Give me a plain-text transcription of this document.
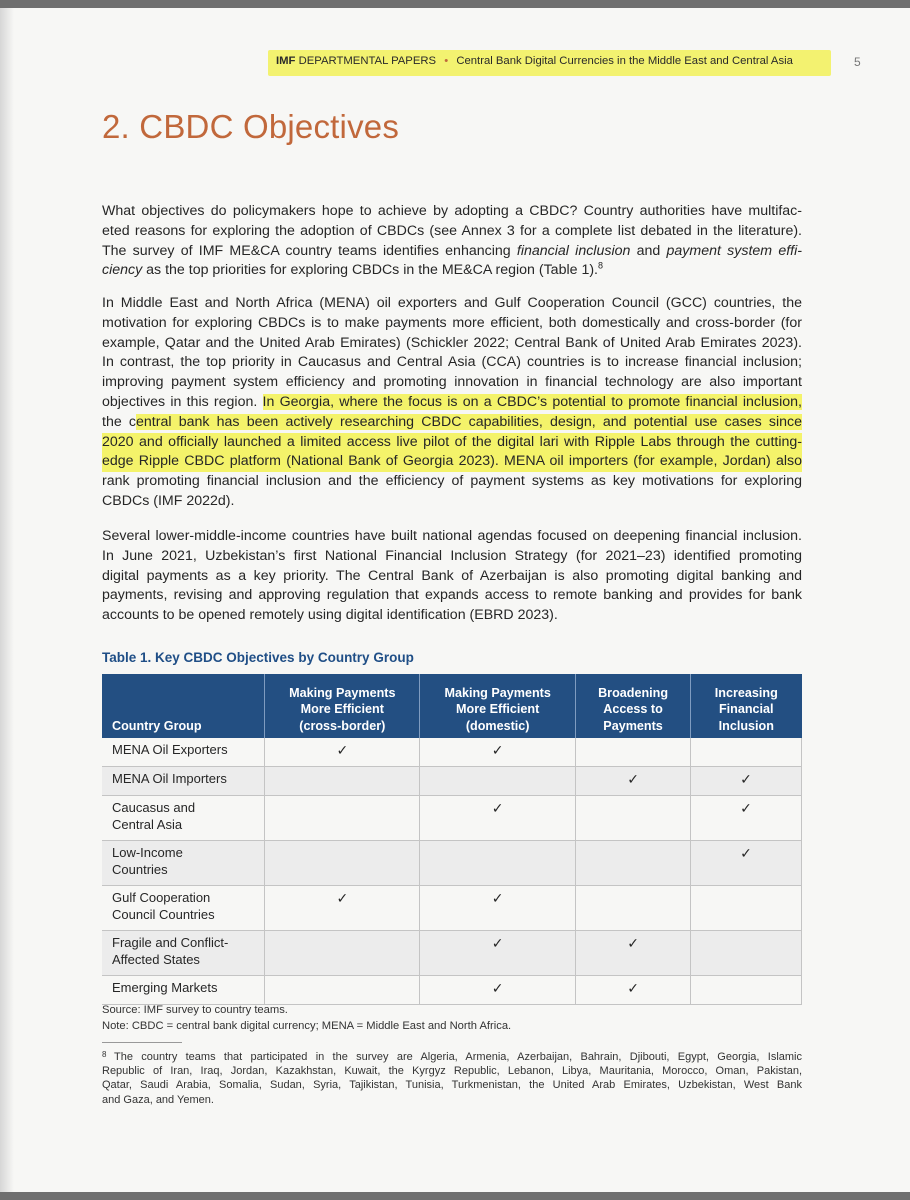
IMF DEPARTMENTAL PAPERS • Central Bank Digital Currencies in the Middle East and Central Asia	5
2. CBDC Objectives
What objectives do policymakers hope to achieve by adopting a CBDC? Country authorities have multifac-
eted reasons for exploring the adoption of CBDCs (see Annex 3 for a complete list debated in the literature).
The survey of IMF ME&CA country teams identifies enhancing financial inclusion and payment system effi-
ciency as the top priorities for exploring CBDCs in the ME&CA region (Table 1).$^8$
In Middle East and North Africa (MENA) oil exporters and Gulf Cooperation Council (GCC) countries, the
motivation for exploring CBDCs is to make payments more efficient, both domestically and cross-border (for
example, Qatar and the United Arab Emirates) (Schickler 2022; Central Bank of United Arab Emirates 2023).
In contrast, the top priority in Caucasus and Central Asia (CCA) countries is to increase financial inclusion;
improving payment system efficiency and promoting innovation in financial technology are also important
objectives in this region. In Georgia, where the focus is on a CBDC’s potential to promote financial inclusion,
the central bank has been actively researching CBDC capabilities, design, and potential use cases since
2020 and officially launched a limited access live pilot of the digital lari with Ripple Labs through the cutting-
edge Ripple CBDC platform (National Bank of Georgia 2023). MENA oil importers (for example, Jordan) also
rank promoting financial inclusion and the efficiency of payment systems as key motivations for exploring
CBDCs (IMF 2022d).
Several lower-middle-income countries have built national agendas focused on deepening financial inclusion.
In June 2021, Uzbekistan’s first National Financial Inclusion Strategy (for 2021–23) identified promoting
digital payments as a key priority. The Central Bank of Azerbaijan is also promoting digital banking and
payments, revising and approving regulation that expands access to remote banking and provides for bank
accounts to be opened remotely using digital identification (EBRD 2023).
Table 1. Key CBDC Objectives by Country Group
Country Group	Making Payments
More Efficient
(cross-border)	Making Payments
More Efficient
(domestic)	Broadening
Access to
Payments	Increasing
Financial
Inclusion
MENA Oil Exporters	✓	✓		
MENA Oil Importers			✓	✓
Caucasus and
Central Asia		✓		✓
Low-Income
Countries				✓
Gulf Cooperation
Council Countries	✓	✓		
Fragile and Conflict-
Affected States		✓	✓	
Emerging Markets		✓	✓	
Source: IMF survey to country teams.
Note: CBDC = central bank digital currency; MENA = Middle East and North Africa.
8 The country teams that participated in the survey are Algeria, Armenia, Azerbaijan, Bahrain, Djibouti, Egypt, Georgia, Islamic
Republic of Iran, Iraq, Jordan, Kazakhstan, Kuwait, the Kyrgyz Republic, Lebanon, Libya, Mauritania, Morocco, Oman, Pakistan,
Qatar, Saudi Arabia, Somalia, Sudan, Syria, Tajikistan, Tunisia, Turkmenistan, the United Arab Emirates, Uzbekistan, West Bank
and Gaza, and Yemen.
